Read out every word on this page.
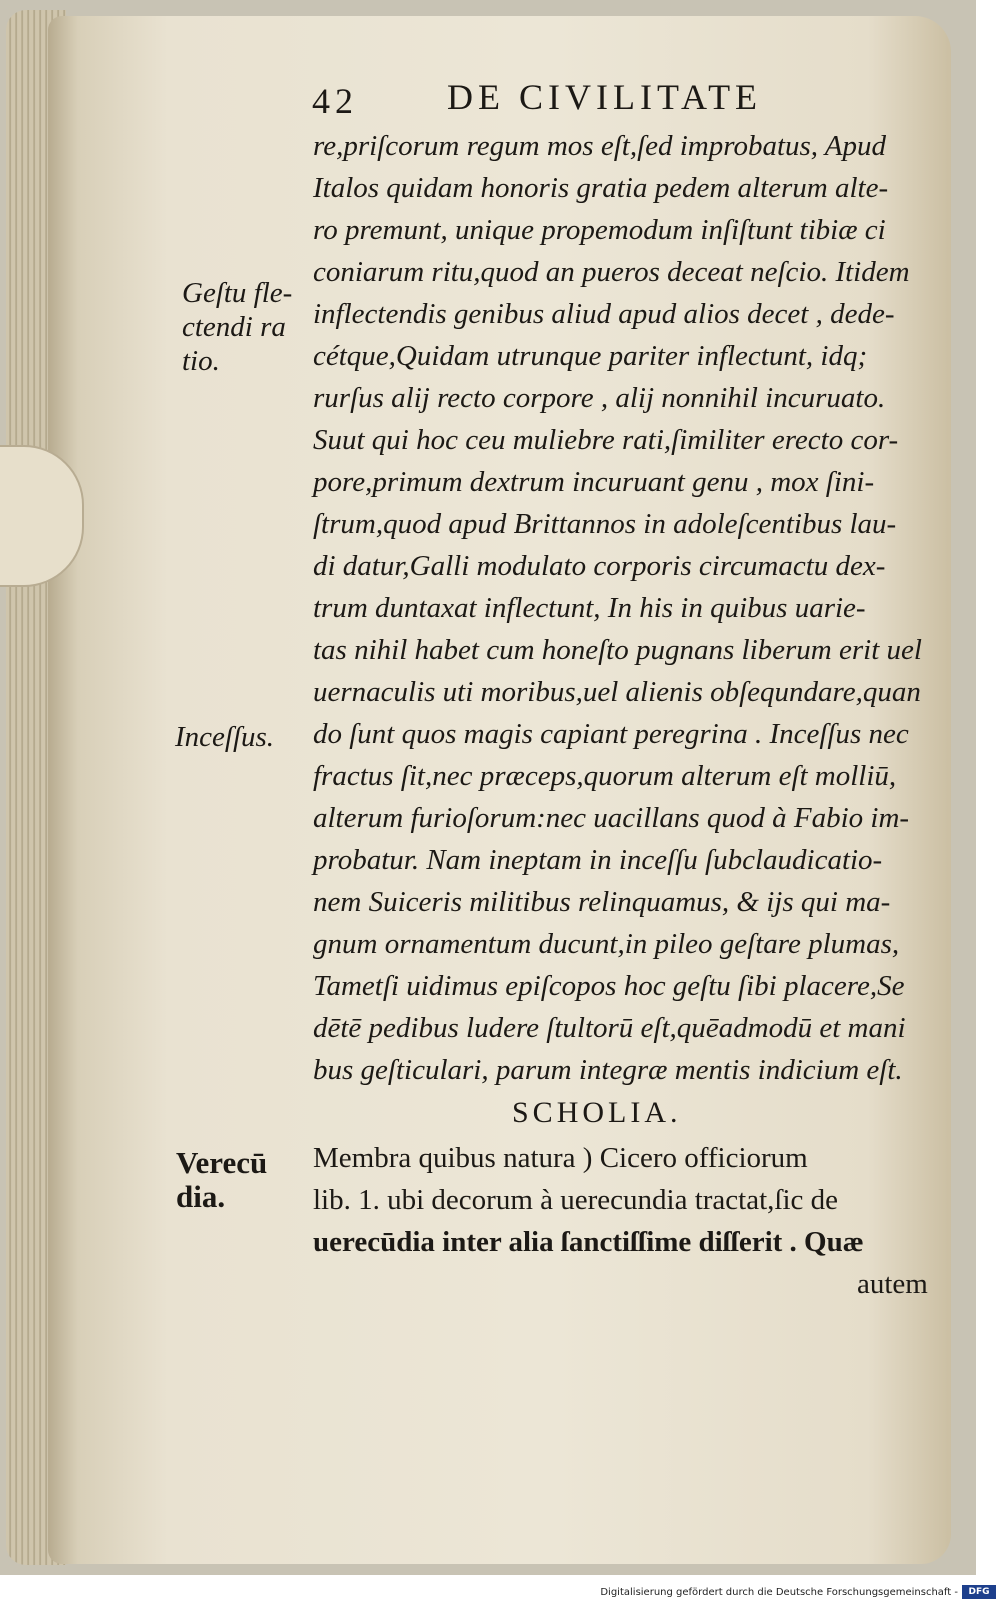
42 DE CIVILITATE
re,priſcorum regum mos eſt,ſed improbatus, Apud
Italos quidam honoris gratia pedem alterum alte-
ro premunt, unique propemodum inſiſtunt tibiæ ci
coniarum ritu,quod an pueros deceat neſcio. Itidem
inflectendis genibus aliud apud alios decet , dede-
cétque,Quidam utrunque pariter inflectunt, idq;
rurſus alij recto corpore , alij nonnihil incuruato.
Suut qui hoc ceu muliebre rati,ſimiliter erecto cor-
pore,primum dextrum incuruant genu , mox ſini-
ſtrum,quod apud Brittannos in adoleſcentibus lau-
di datur,Galli modulato corporis circumactu dex-
trum duntaxat inflectunt, In his in quibus uarie-
tas nihil habet cum honeſto pugnans liberum erit uel
uernaculis uti moribus,uel alienis obſequndare,quan
do ſunt quos magis capiant peregrina . Inceſſus nec
fractus ſit,nec præceps,quorum alterum eſt molliū,
alterum furioſorum:nec uacillans quod à Fabio im-
probatur. Nam ineptam in inceſſu ſubclaudicatio-
nem Suiceris militibus relinquamus, & ijs qui ma-
gnum ornamentum ducunt,in pileo geſtare plumas,
Tametſi uidimus epiſcopos hoc geſtu ſibi placere,Se
dētē pedibus ludere ſtultorū eſt,quēadmodū et mani
bus geſticulari, parum integræ mentis indicium eſt.
SCHOLIA.
Membra quibus natura ) Cicero officiorum
lib. 1. ubi decorum à uerecundia tractat,ſic de
uerecūdia inter alia ſanctiſſime diſſerit . Quæ
autem
Geſtu fle-
ctendi ra
tio.
Inceſſus.
Verecū
dia.
Digitalisierung gefördert durch die Deutsche Forschungsgemeinschaft -	DFG
